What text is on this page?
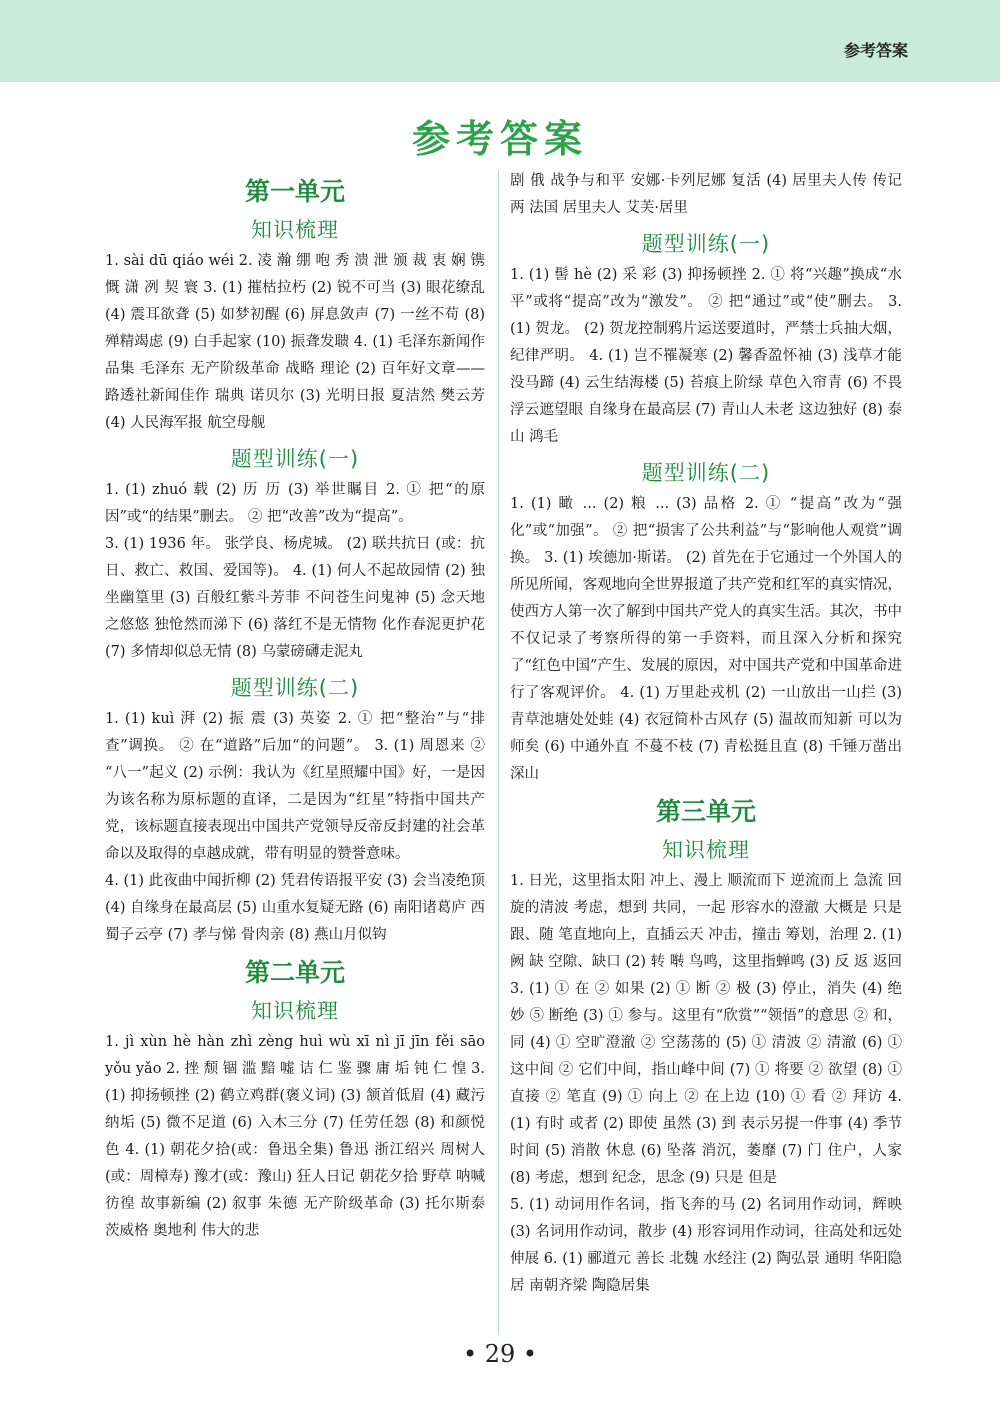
参考答案
参考答案
第一单元
知识梳理
1. sài dū qiáo wéi 2. 凌 瀚 绷 咆 秀 溃 泄 颁 裁 衷 娴 镌 慨 潇 冽 契 寰 3. (1) 摧枯拉朽 (2) 锐不可当 (3) 眼花缭乱 (4) 震耳欲聋 (5) 如梦初醒 (6) 屏息敛声 (7) 一丝不苟 (8) 殚精竭虑 (9) 白手起家 (10) 振聋发聩 4. (1) 毛泽东新闻作品集 毛泽东 无产阶级革命 战略 理论 (2) 百年好文章——路透社新闻佳作 瑞典 诺贝尔 (3) 光明日报 夏洁然 樊云芳 (4) 人民海军报 航空母舰
题型训练(一)
1. (1) zhuó 载 (2) 历 历 (3) 举世瞩目 2. ① 把“的原因”或“的结果”删去。 ② 把“改善”改为“提高”。
3. (1) 1936 年。 张学良、杨虎城。 (2) 联共抗日 (或：抗日、救亡、救国、爱国等)。 4. (1) 何人不起故园情 (2) 独坐幽篁里 (3) 百般红紫斗芳菲 不问苍生问鬼神 (5) 念天地之悠悠 独怆然而涕下 (6) 落红不是无情物 化作春泥更护花 (7) 多情却似总无情 (8) 乌蒙磅礴走泥丸
题型训练(二)
1. (1) kuì 湃 (2) 振 震 (3) 英姿 2. ① 把“整治”与“排查”调换。 ② 在“道路”后加“的问题”。 3. (1) 周恩来 ② “八一”起义 (2) 示例：我认为《红星照耀中国》好，一是因为该名称为原标题的直译，二是因为“红星”特指中国共产党，该标题直接表现出中国共产党领导反帝反封建的社会革命以及取得的卓越成就，带有明显的赞誉意味。
4. (1) 此夜曲中闻折柳 (2) 凭君传语报平安 (3) 会当凌绝顶 (4) 自缘身在最高层 (5) 山重水复疑无路 (6) 南阳诸葛庐 西蜀子云亭 (7) 孝与悌 骨肉亲 (8) 燕山月似钩
第二单元
知识梳理
1. jì xùn hè hàn zhì zèng huì wù xī nì jī jīn fěi sāo yǒu yǎo 2. 挫 颓 锢 滥 黯 嘘 诘 仁 鉴 骤 庸 垢 钝 仁 惶 3. (1) 抑扬顿挫 (2) 鹤立鸡群(褒义词) (3) 颔首低眉 (4) 藏污纳垢 (5) 微不足道 (6) 入木三分 (7) 任劳任怨 (8) 和颜悦色 4. (1) 朝花夕拾(或：鲁迅全集) 鲁迅 浙江绍兴 周树人(或：周樟寿) 豫才(或：豫山) 狂人日记 朝花夕拾 野草 呐喊 彷徨 故事新编 (2) 叙事 朱德 无产阶级革命 (3) 托尔斯泰 茨威格 奥地利 伟大的悲
剧 俄 战争与和平 安娜·卡列尼娜 复活 (4) 居里夫人传 传记 两 法国 居里夫人 艾芙·居里
题型训练(一)
1. (1) 髻 hè (2) 采 彩 (3) 抑扬顿挫 2. ① 将“兴趣”换成“水平”或将“提高”改为“激发”。 ② 把“通过”或“使”删去。 3. (1) 贺龙。 (2) 贺龙控制鸦片运送要道时，严禁士兵抽大烟，纪律严明。 4. (1) 岂不罹凝寒 (2) 馨香盈怀袖 (3) 浅草才能没马蹄 (4) 云生结海楼 (5) 苔痕上阶绿 草色入帘青 (6) 不畏浮云遮望眼 自缘身在最高层 (7) 青山人未老 这边独好 (8) 泰山 鸿毛
题型训练(二)
1. (1) 瞰 ... (2) 粮 ... (3) 品格 2. ① “提高”改为“强化”或“加强”。 ② 把“损害了公共利益”与“影响他人观赏”调换。 3. (1) 埃德加·斯诺。 (2) 首先在于它通过一个外国人的所见所闻，客观地向全世界报道了共产党和红军的真实情况，使西方人第一次了解到中国共产党人的真实生活。其次，书中不仅记录了考察所得的第一手资料，而且深入分析和探究了“红色中国”产生、发展的原因，对中国共产党和中国革命进行了客观评价。 4. (1) 万里赴戎机 (2) 一山放出一山拦 (3) 青草池塘处处蛙 (4) 衣冠简朴古风存 (5) 温故而知新 可以为师矣 (6) 中通外直 不蔓不枝 (7) 青松挺且直 (8) 千锤万凿出深山
第三单元
知识梳理
1. 日光，这里指太阳 冲上、漫上 顺流而下 逆流而上 急流 回旋的清波 考虑，想到 共同，一起 形容水的澄澈 大概是 只是 跟、随 笔直地向上，直插云天 冲击，撞击 筹划，治理 2. (1) 阙 缺 空隙、缺口 (2) 转 啭 鸟鸣，这里指蝉鸣 (3) 反 返 返回 3. (1) ① 在 ② 如果 (2) ① 断 ② 极 (3) 停止，消失 (4) 绝妙 ⑤ 断绝 (3) ① 参与。这里有“欣赏”“领悟”的意思 ② 和，同 (4) ① 空旷澄澈 ② 空荡荡的 (5) ① 清波 ② 清澈 (6) ① 这中间 ② 它们中间，指山峰中间 (7) ① 将要 ② 欲望 (8) ① 直接 ② 笔直 (9) ① 向上 ② 在上边 (10) ① 看 ② 拜访 4. (1) 有时 或者 (2) 即使 虽然 (3) 到 表示另提一件事 (4) 季节 时间 (5) 消散 休息 (6) 坠落 消沉，萎靡 (7) 门 住户，人家 (8) 考虑，想到 纪念，思念 (9) 只是 但是
5. (1) 动词用作名词，指飞奔的马 (2) 名词用作动词，辉映 (3) 名词用作动词，散步 (4) 形容词用作动词，往高处和远处伸展 6. (1) 郦道元 善长 北魏 水经注 (2) 陶弘景 通明 华阳隐居 南朝齐梁 陶隐居集
• 29 •
